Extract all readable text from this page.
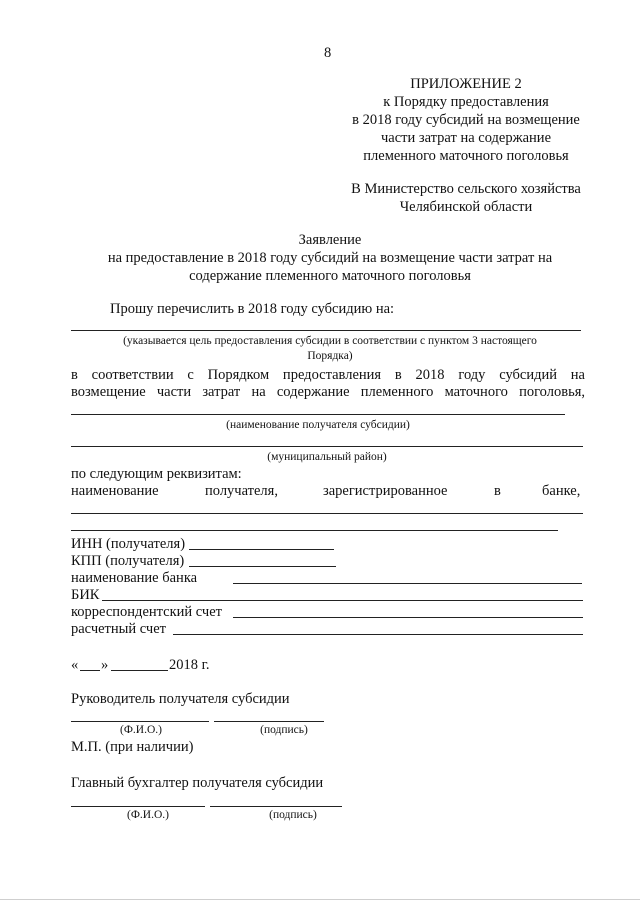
8
ПРИЛОЖЕНИЕ 2
к Порядку предоставления
в 2018 году субсидий на возмещение
части затрат на содержание
племенного маточного поголовья
В Министерство сельского хозяйства
Челябинской области
Заявление
на предоставление в 2018 году субсидий на возмещение части затрат на
содержание племенного маточного поголовья
Прошу перечислить в 2018 году субсидию на:
(указывается цель предоставления субсидии в соответствии с пунктом 3 настоящего
Порядка)
в соответствии с Порядком предоставления в 2018 году субсидий на
возмещение части затрат на содержание племенного маточного поголовья,
(наименование получателя субсидии)
(муниципальный район)
по следующим реквизитам:
наименование	получателя,	зарегистрированное	в	банке,
ИНН (получателя)
КПП (получателя)
наименование банка
БИК
корреспондентский счет
расчетный счет
« »	2018 г.
Руководитель получателя субсидии
(Ф.И.О.)	(подпись)
М.П. (при наличии)
Главный бухгалтер получателя субсидии
(Ф.И.О.)	(подпись)
